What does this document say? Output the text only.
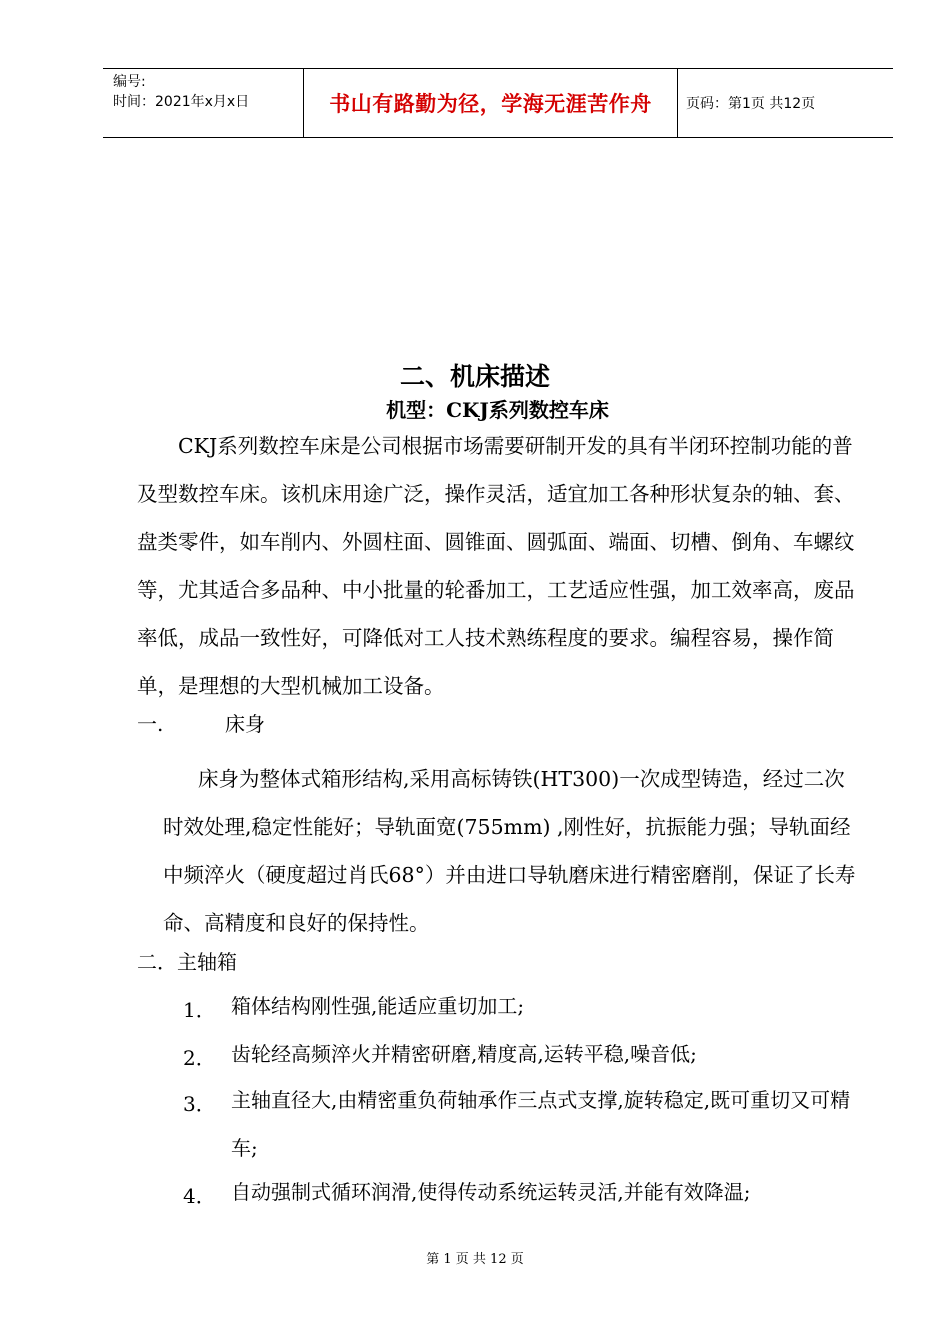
编号:
时间：2021年x月x日	书山有路勤为径，学海无涯苦作舟 页码：第1页 共12页
二、机床描述
机型：CKJ系列数控车床

CKJ系列数控车床是公司根据市场需要研制开发的具有半闭环控制功能的普及型数控车床。该机床用途广泛，操作灵活，适宜加工各种形状复杂的轴、套、盘类零件，如车削内、外圆柱面、圆锥面、圆弧面、端面、切槽、倒角、车螺纹等，尤其适合多品种、中小批量的轮番加工，工艺适应性强，加工效率高，废品率低，成品一致性好，可降低对工人技术熟练程度的要求。编程容易，操作简单，是理想的大型机械加工设备。

一.	床身

床身为整体式箱形结构,采用高标铸铁(HT300)一次成型铸造，经过二次时效处理,稳定性能好；导轨面宽(755mm) ,刚性好，抗振能力强；导轨面经中频淬火（硬度超过肖氏68°）并由进口导轨磨床进行精密磨削，保证了长寿命、高精度和良好的保持性。

二．主轴箱
1． 箱体结构刚性强,能适应重切加工;
2． 齿轮经高频淬火并精密研磨,精度高,运转平稳,噪音低;
3． 主轴直径大,由精密重负荷轴承作三点式支撑,旋转稳定,既可重切又可精车;
4． 自动强制式循环润滑,使得传动系统运转灵活,并能有效降温;
第 1 页 共 12 页
